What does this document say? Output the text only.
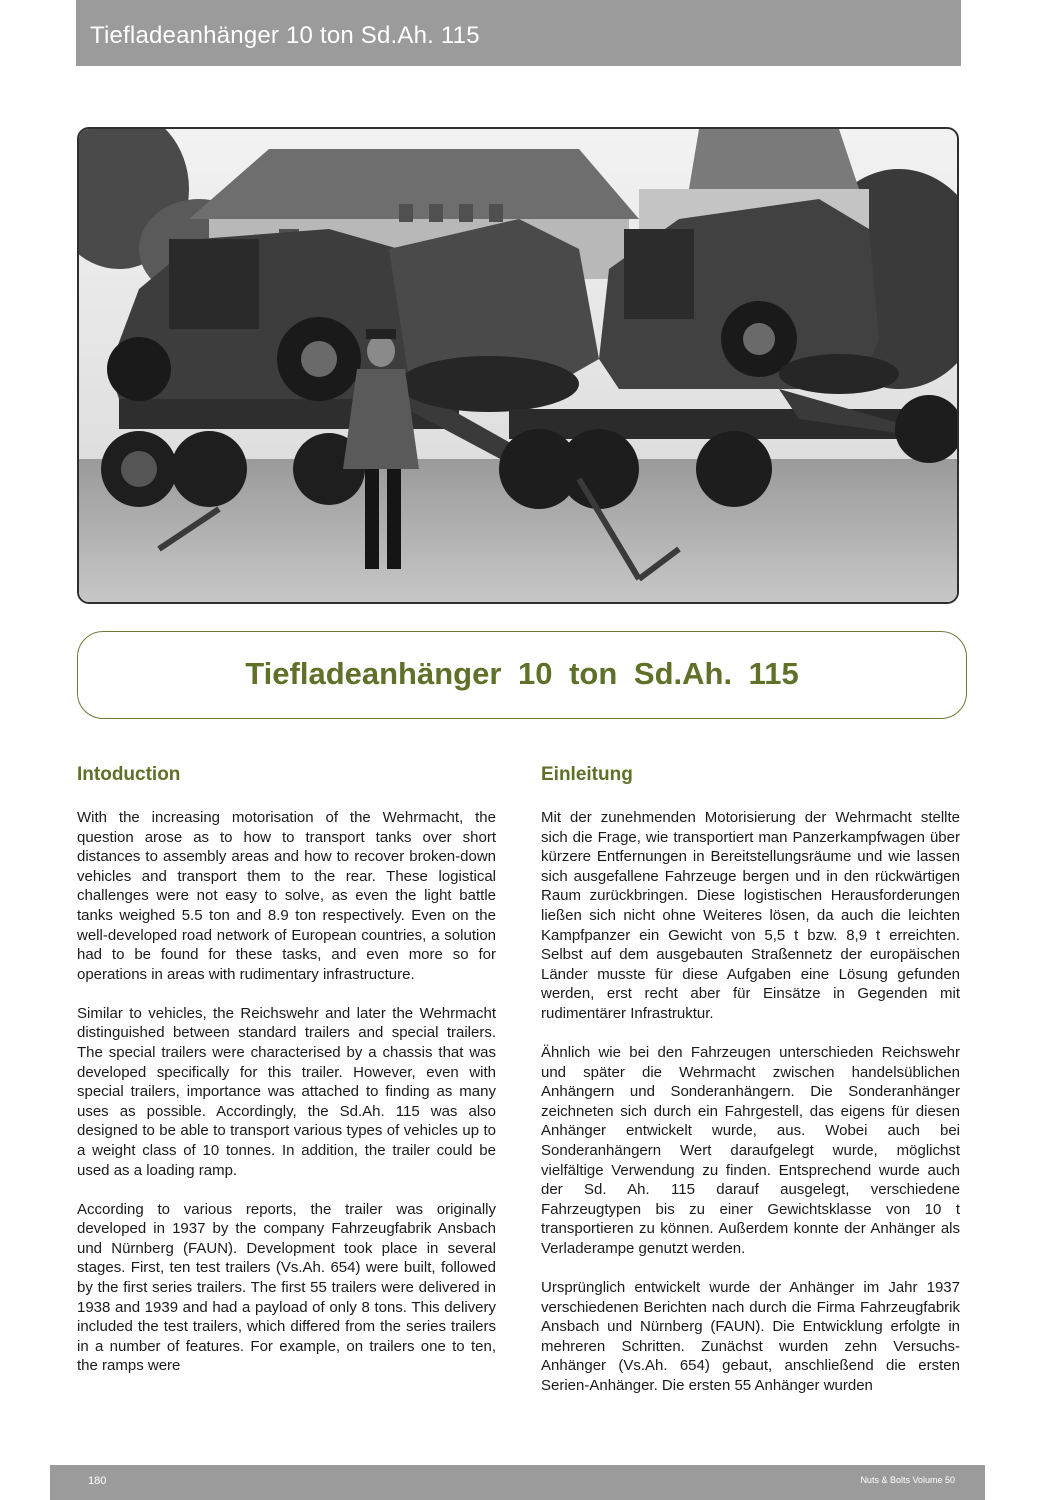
Tiefladeanhänger 10 ton Sd.Ah. 115
Tiefladeanhänger 10 ton Sd.Ah. 115
Intoduction

With the increasing motorisation of the Wehrmacht, the question arose as to how to transport tanks over short distances to assembly areas and how to recover broken-down vehicles and transport them to the rear. These logistical challenges were not easy to solve, as even the light battle tanks weighed 5.5 ton and 8.9 ton respectively. Even on the well-developed road network of European countries, a solution had to be found for these tasks, and even more so for operations in areas with rudimentary infrastructure.

Similar to vehicles, the Reichswehr and later the Wehrmacht distinguished between standard trailers and special trailers. The special trailers were characterised by a chassis that was developed specifically for this trailer. However, even with special trailers, importance was attached to finding as many uses as possible. Accordingly, the Sd.Ah. 115 was also designed to be able to transport various types of vehicles up to a weight class of 10 tonnes. In addition, the trailer could be used as a loading ramp.

According to various reports, the trailer was originally developed in 1937 by the company Fahrzeugfabrik Ansbach und Nürnberg (FAUN). Development took place in several stages. First, ten test trailers (Vs.Ah. 654) were built, followed by the first series trailers. The first 55 trailers were delivered in 1938 and 1939 and had a payload of only 8 tons. This delivery included the test trailers, which differed from the series trailers in a number of features. For example, on trailers one to ten, the ramps were

Einleitung

Mit der zunehmenden Motorisierung der Wehrmacht stellte sich die Frage, wie transportiert man Panzerkampfwagen über kürzere Entfernungen in Bereitstellungsräume und wie lassen sich ausgefallene Fahrzeuge bergen und in den rückwärtigen Raum zurückbringen. Diese logistischen Herausforderungen ließen sich nicht ohne Weiteres lösen, da auch die leichten Kampfpanzer ein Gewicht von 5,5 t bzw. 8,9 t erreichten. Selbst auf dem ausgebauten Straßennetz der europäischen Länder musste für diese Aufgaben eine Lösung gefunden werden, erst recht aber für Einsätze in Gegenden mit rudimentärer Infrastruktur.

Ähnlich wie bei den Fahrzeugen unterschieden Reichswehr und später die Wehrmacht zwischen handelsüblichen Anhängern und Sonderanhängern. Die Sonderanhänger zeichneten sich durch ein Fahrgestell, das eigens für diesen Anhänger entwickelt wurde, aus. Wobei auch bei Sonderanhängern Wert daraufgelegt wurde, möglichst vielfältige Verwendung zu finden. Entsprechend wurde auch der Sd. Ah. 115 darauf ausgelegt, verschiedene Fahrzeugtypen bis zu einer Gewichtsklasse von 10 t transportieren zu können. Außerdem konnte der Anhänger als Verladerampe genutzt werden.

Ursprünglich entwickelt wurde der Anhänger im Jahr 1937 verschiedenen Berichten nach durch die Firma Fahrzeugfabrik Ansbach und Nürnberg (FAUN). Die Entwicklung erfolgte in mehreren Schritten. Zunächst wurden zehn Versuchs-Anhänger (Vs.Ah. 654) gebaut, anschließend die ersten Serien-Anhänger. Die ersten 55 Anhänger wurden

180	Nuts & Bolts Volume 50
